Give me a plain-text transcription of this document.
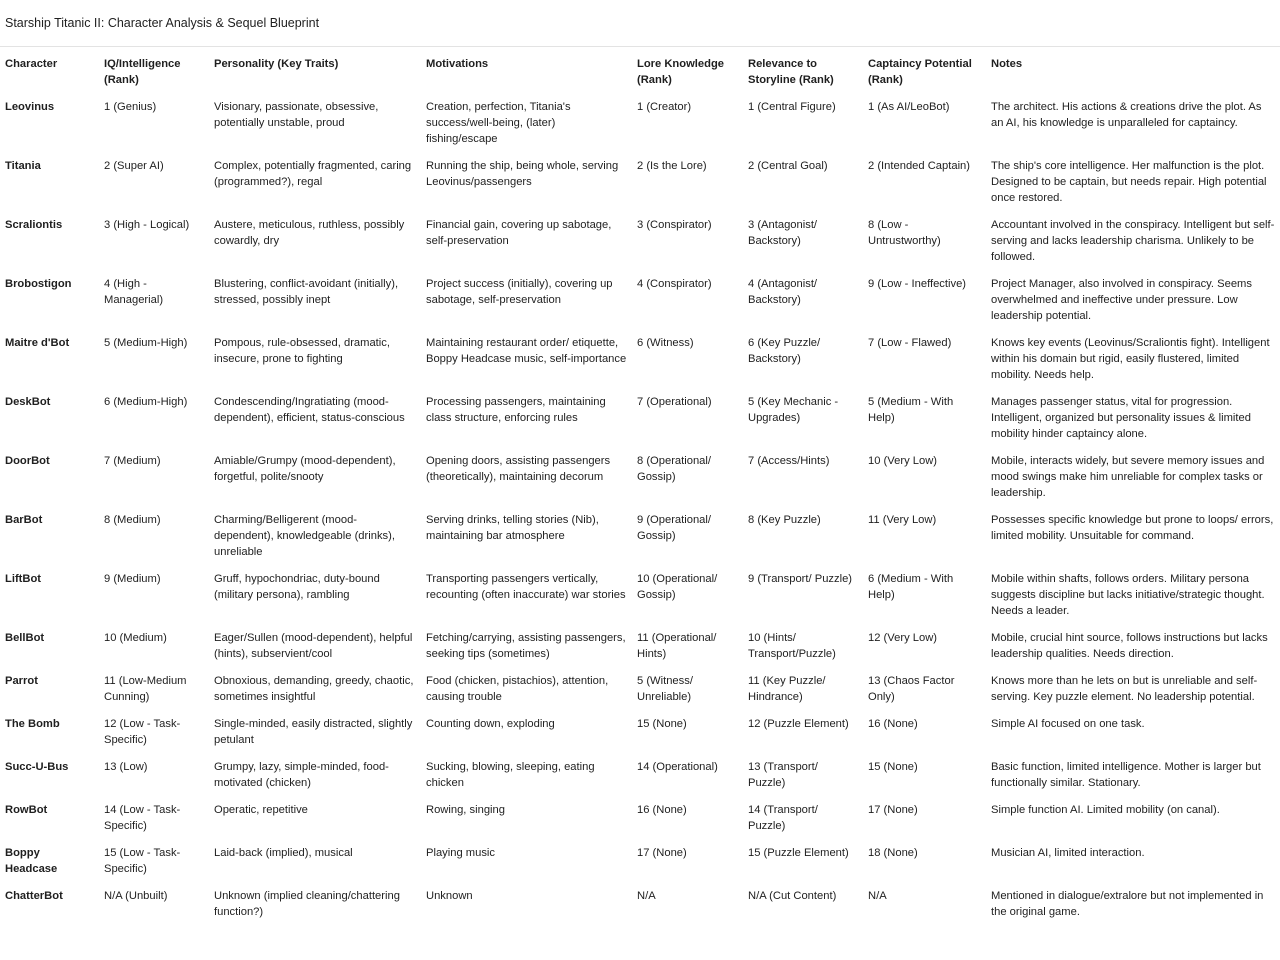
Starship Titanic II: Character Analysis & Sequel Blueprint
Character	IQ/Intelligence (Rank)	Personality (Key Traits)	Motivations	Lore Knowledge (Rank)	Relevance to Storyline (Rank)	Captaincy Potential (Rank)	Notes
Leovinus	1 (Genius)	Visionary, passionate, obsessive, potentially unstable, proud	Creation, perfection, Titania's success/well-being, (later) fishing/escape	1 (Creator)	1 (Central Figure)	1 (As AI/LeoBot)	The architect. His actions & creations drive the plot. As an AI, his knowledge is unparalleled for captaincy.
Titania	2 (Super AI)	Complex, potentially fragmented, caring (programmed?), regal	Running the ship, being whole, serving Leovinus/passengers	2 (Is the Lore)	2 (Central Goal)	2 (Intended Captain)	The ship's core intelligence. Her malfunction is the plot. Designed to be captain, but needs repair. High potential once restored.
Scraliontis	3 (High - Logical)	Austere, meticulous, ruthless, possibly cowardly, dry	Financial gain, covering up sabotage, self-preservation	3 (Conspirator)	3 (Antagonist/ Backstory)	8 (Low - Untrustworthy)	Accountant involved in the conspiracy. Intelligent but self-serving and lacks leadership charisma. Unlikely to be followed.
Brobostigon	4 (High - Managerial)	Blustering, conflict-avoidant (initially), stressed, possibly inept	Project success (initially), covering up sabotage, self-preservation	4 (Conspirator)	4 (Antagonist/ Backstory)	9 (Low - Ineffective)	Project Manager, also involved in conspiracy. Seems overwhelmed and ineffective under pressure. Low leadership potential.
Maitre d'Bot	5 (Medium-High)	Pompous, rule-obsessed, dramatic, insecure, prone to fighting	Maintaining restaurant order/ etiquette, Boppy Headcase music, self-importance	6 (Witness)	6 (Key Puzzle/ Backstory)	7 (Low - Flawed)	Knows key events (Leovinus/Scraliontis fight). Intelligent within his domain but rigid, easily flustered, limited mobility. Needs help.
DeskBot	6 (Medium-High)	Condescending/Ingratiating (mood-dependent), efficient, status-conscious	Processing passengers, maintaining class structure, enforcing rules	7 (Operational)	5 (Key Mechanic - Upgrades)	5 (Medium - With Help)	Manages passenger status, vital for progression. Intelligent, organized but personality issues & limited mobility hinder captaincy alone.
DoorBot	7 (Medium)	Amiable/Grumpy (mood-dependent), forgetful, polite/snooty	Opening doors, assisting passengers (theoretically), maintaining decorum	8 (Operational/ Gossip)	7 (Access/Hints)	10 (Very Low)	Mobile, interacts widely, but severe memory issues and mood swings make him unreliable for complex tasks or leadership.
BarBot	8 (Medium)	Charming/Belligerent (mood-dependent), knowledgeable (drinks), unreliable	Serving drinks, telling stories (Nib), maintaining bar atmosphere	9 (Operational/ Gossip)	8 (Key Puzzle)	11 (Very Low)	Possesses specific knowledge but prone to loops/ errors, limited mobility. Unsuitable for command.
LiftBot	9 (Medium)	Gruff, hypochondriac, duty-bound (military persona), rambling	Transporting passengers vertically, recounting (often inaccurate) war stories	10 (Operational/ Gossip)	9 (Transport/ Puzzle)	6 (Medium - With Help)	Mobile within shafts, follows orders. Military persona suggests discipline but lacks initiative/strategic thought. Needs a leader.
BellBot	10 (Medium)	Eager/Sullen (mood-dependent), helpful (hints), subservient/cool	Fetching/carrying, assisting passengers, seeking tips (sometimes)	11 (Operational/ Hints)	10 (Hints/ Transport/Puzzle)	12 (Very Low)	Mobile, crucial hint source, follows instructions but lacks leadership qualities. Needs direction.
Parrot	11 (Low-Medium Cunning)	Obnoxious, demanding, greedy, chaotic, sometimes insightful	Food (chicken, pistachios), attention, causing trouble	5 (Witness/ Unreliable)	11 (Key Puzzle/ Hindrance)	13 (Chaos Factor Only)	Knows more than he lets on but is unreliable and self-serving. Key puzzle element. No leadership potential.
The Bomb	12 (Low - Task-Specific)	Single-minded, easily distracted, slightly petulant	Counting down, exploding	15 (None)	12 (Puzzle Element)	16 (None)	Simple AI focused on one task.
Succ-U-Bus	13 (Low)	Grumpy, lazy, simple-minded, food-motivated (chicken)	Sucking, blowing, sleeping, eating chicken	14 (Operational)	13 (Transport/ Puzzle)	15 (None)	Basic function, limited intelligence. Mother is larger but functionally similar. Stationary.
RowBot	14 (Low - Task-Specific)	Operatic, repetitive	Rowing, singing	16 (None)	14 (Transport/ Puzzle)	17 (None)	Simple function AI. Limited mobility (on canal).
Boppy Headcase	15 (Low - Task-Specific)	Laid-back (implied), musical	Playing music	17 (None)	15 (Puzzle Element)	18 (None)	Musician AI, limited interaction.
ChatterBot	N/A (Unbuilt)	Unknown (implied cleaning/chattering function?)	Unknown	N/A	N/A (Cut Content)	N/A	Mentioned in dialogue/extralore but not implemented in the original game.
